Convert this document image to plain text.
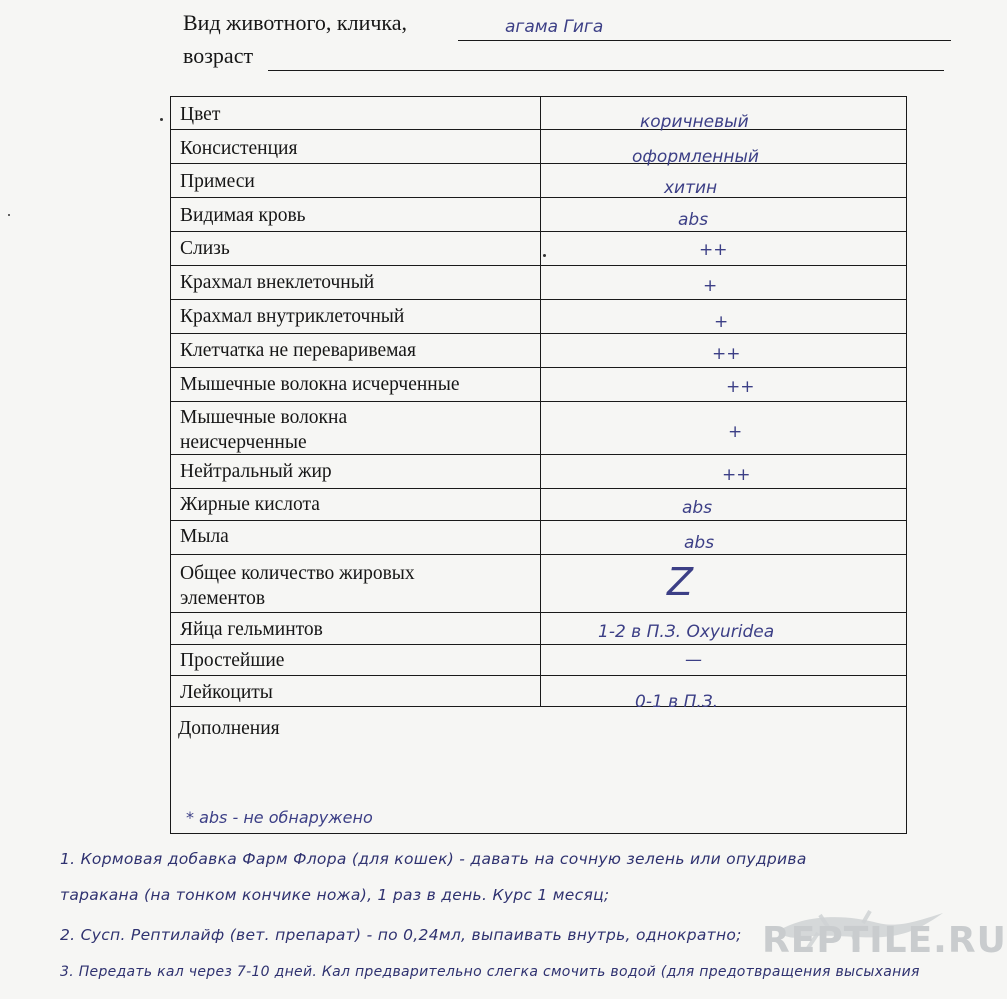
Вид животного, кличка,	агама Гига
возраст
Цвет
Консистенция
Примеси
Видимая кровь
Слизь
Крахмал внеклеточный
Крахмал внутриклеточный
Клетчатка не переваривемая
Мышечные волокна исчерченные
Мышечные волокна неисчерченные
Нейтральный жир
Жирные кислота
Мыла
Общее количество жировых элементов
Яйца гельминтов
Простейшие
Лейкоциты
Дополнения
коричневый
оформленный
хитин
abs
++
+
+
++
++
+
++
abs
abs
Z
1-2 в П.З. Oxyuridea
—
0-1 в П.З.
* abs - не обнаружено
1. Кормовая добавка Фарм Флора (для кошек) - давать на сочную зелень или опудрива
таракана (на тонком кончике ножа), 1 раз в день. Курс 1 месяц;
2. Сусп. Рептилайф (вет. препарат) - по 0,24мл, выпаивать внутрь, однократно;
3. Передать кал через 7-10 дней. Кал предварительно слегка смочить водой (для предотвращения высыхания
REPTILE.RU
